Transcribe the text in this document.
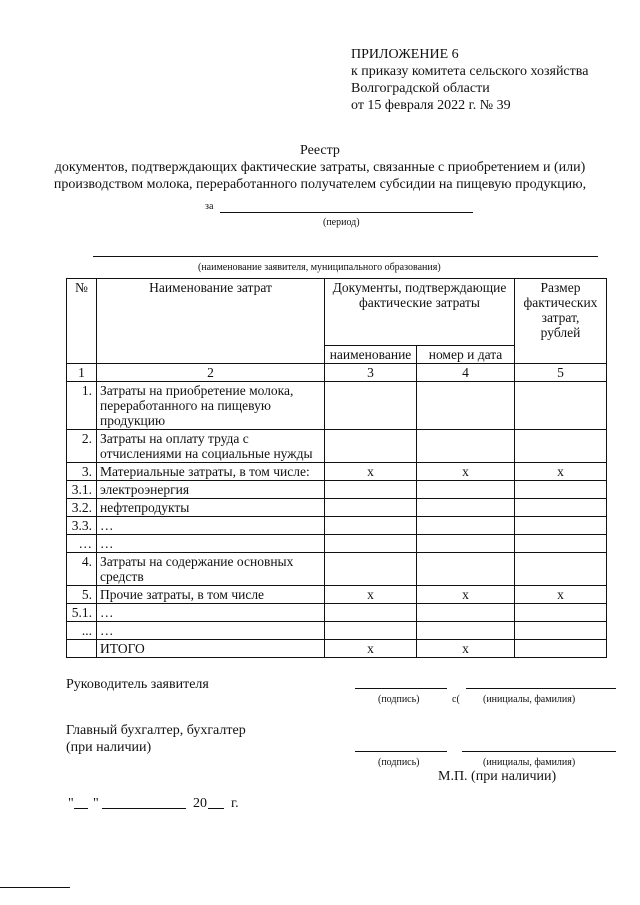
ПРИЛОЖЕНИЕ 6
к приказу комитета сельского хозяйства
Волгоградской области
от 15 февраля 2022 г. № 39
Реестр
документов, подтверждающих фактические затраты, связанные с приобретением и (или)
производством молока, переработанного получателем субсидии на пищевую продукцию,
за
(период)
(наименование заявителя, муниципального образования)
№	Наименование затрат	Документы, подтверждающие фактические затраты		Размер
фактических
затрат,
рублей

		наименование	номер и дата	
1	2	3	4	5
1.	Затраты на приобретение молока, переработанного на пищевую продукцию			
2.	Затраты на оплату труда с отчислениями на социальные нужды			
3.	Материальные затраты, в том числе:	х	х	х
3.1.	электроэнергия			
3.2.	нефтепродукты			
3.3.	…			
…	…			
4.	Затраты на содержание основных средств			
5.	Прочие затраты, в том числе	х	х	х
5.1.	…			
...	…			
	ИТОГО	х	х	
Руководитель заявителя
(подпись)	с( (инициалы, фамилия)
Главный бухгалтер, бухгалтер
(при наличии)
(подпись)	(инициалы, фамилия)
М.П. (при наличии)
" "	20 г.
